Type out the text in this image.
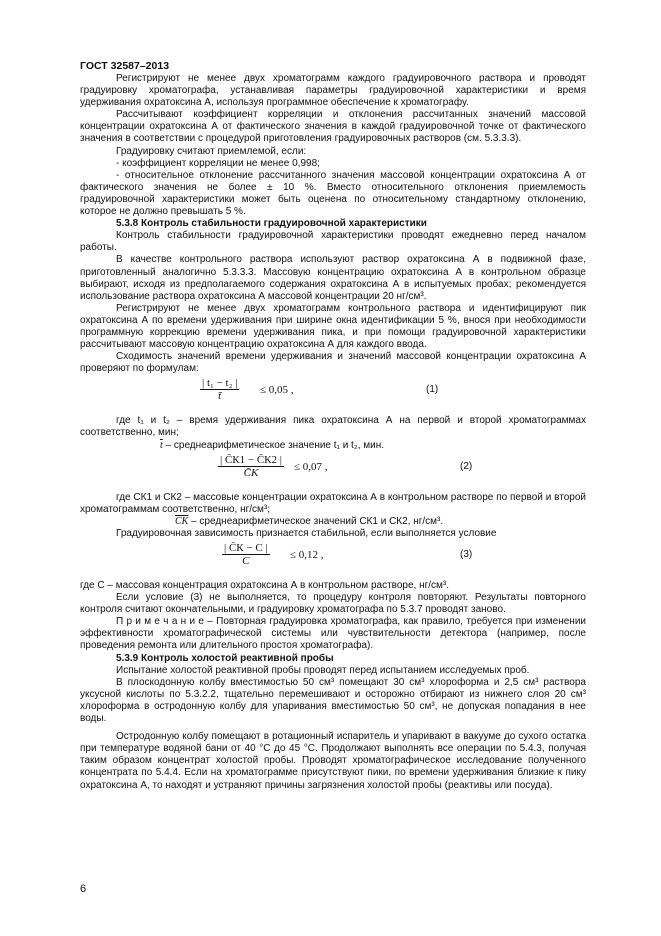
ГОСТ 32587–2013

Регистрируют не менее двух хроматограмм каждого градуировочного раствора и проводят градуировку хроматографа, устанавливая параметры градуировочной характеристики и время удерживания охратоксина А, используя программное обеспечение к хроматографу.

Рассчитывают коэффициент корреляции и отклонения рассчитанных значений массовой концентрации охратоксина А от фактического значения в каждой градуировочной точке от фактического значения в соответствии с процедурой приготовления градуировочных растворов (см. 5.3.3.3).

Градуировку считают приемлемой, если:

- коэффициент корреляции не менее 0,998;

- относительное отклонение рассчитанного значения массовой концентрации охратоксина А от фактического значения не более ± 10 %. Вместо относительного отклонения приемлемость градуировочной характеристики может быть оценена по относительному стандартному отклонению, которое не должно превышать 5 %.

5.3.8 Контроль стабильности градуировочной характеристики

Контроль стабильности градуировочной характеристики проводят ежедневно перед началом работы.

В качестве контрольного раствора используют раствор охратоксина А в подвижной фазе, приготовленный аналогично 5.3.3.3. Массовую концентрацию охратоксина А в контрольном образце выбирают, исходя из предполагаемого содержания охратоксина А в испытуемых пробах; рекомендуется использование раствора охратоксина А массовой концентрации 20 нг/см³.

Регистрируют не менее двух хроматограмм контрольного раствора и идентифицируют пик охратоксина А по времени удерживания при ширине окна идентификации 5 %, внося при необходимости программную коррекцию времени удерживания пика, и при помощи градуировочной характеристики рассчитывают массовую концентрацию охратоксина А для каждого ввода.

Сходимость значений времени удерживания и значений массовой концентрации охратоксина А проверяют по формулам:

$\frac{\text{| t₁ − t₂ |}}{t̄} \le 0,05$ ,	(1)

где t₁ и t₂ – время удерживания пика охратоксина А на первой и второй хроматограммах соответственно, мин;

$\overline{t}$ – среднеарифметическое значение t₁ и t₂, мин.

| C̄К1 − C̄К2 |
C̄К	≤ 0,07 ,	(2)

где CК1 и CК2 – массовые концентрации охратоксина А в контрольном растворе по первой и второй хроматограммам соответственно, нг/см³;

CК – среднеарифметическое значений CК1 и CК2, нг/см³.

Градуировочная зависимость признается стабильной, если выполняется условие

| C̄К − C |
C	≤ 0,12 ,	(3)

где C – массовая концентрация охратоксина А в контрольном растворе, нг/см³.

Если условие (3) не выполняется, то процедуру контроля повторяют. Результаты повторного контроля считают окончательными, и градуировку хроматографа по 5.3.7 проводят заново.

П р и м е ч а н и е – Повторная градуировка хроматографа, как правило, требуется при изменении эффективности хроматографической системы или чувствительности детектора (например, после проведения ремонта или длительного простоя хроматографа).

5.3.9 Контроль холостой реактивной пробы

Испытание холостой реактивной пробы проводят перед испытанием исследуемых проб.

В плоскодонную колбу вместимостью 50 см³ помещают 30 см³ хлороформа и 2,5 см³ раствора уксусной кислоты по 5.3.2.2, тщательно перемешивают и осторожно отбирают из нижнего слоя 20 см³ хлороформа в остродонную колбу для упаривания вместимостью 50 см³, не допуская попадания в нее воды.

Остродонную колбу помещают в ротационный испаритель и упаривают в вакууме до сухого остатка при температуре водяной бани от 40 °С до 45 °С. Продолжают выполнять все операции по 5.4.3, получая таким образом концентрат холостой пробы. Проводят хроматографическое исследование полученного концентрата по 5.4.4. Если на хроматограмме присутствуют пики, по времени удерживания близкие к пику охратоксина А, то находят и устраняют причины загрязнения холостой пробы (реактивы или посуда).

6
